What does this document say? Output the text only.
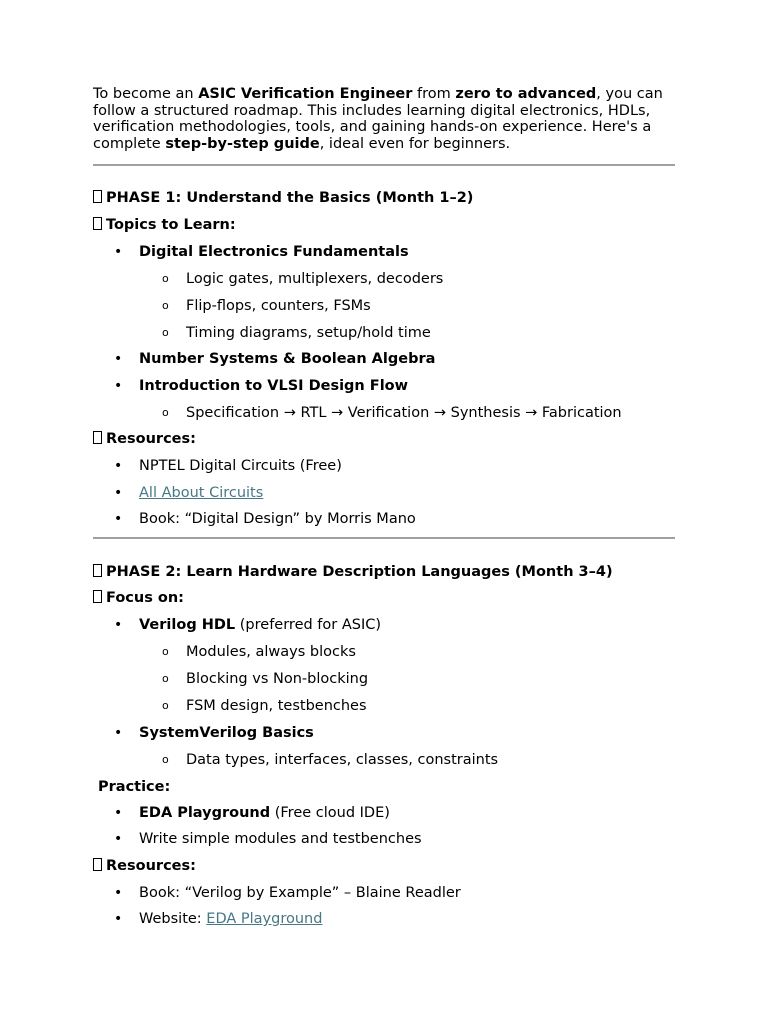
To become an ASIC Verification Engineer from zero to advanced, you can follow a structured roadmap. This includes learning digital electronics, HDLs, verification methodologies, tools, and gaining hands-on experience. Here's a complete step-by-step guide, ideal even for beginners.

PHASE 1: Understand the Basics (Month 1–2)
Topics to Learn:
• Digital Electronics Fundamentals
o Logic gates, multiplexers, decoders
o Flip-flops, counters, FSMs
o Timing diagrams, setup/hold time
• Number Systems & Boolean Algebra
• Introduction to VLSI Design Flow
o Specification → RTL → Verification → Synthesis → Fabrication
Resources:
• NPTEL Digital Circuits (Free)
• All About Circuits
• Book: “Digital Design” by Morris Mano
PHASE 2: Learn Hardware Description Languages (Month 3–4)
Focus on:
• Verilog HDL (preferred for ASIC)
o Modules, always blocks
o Blocking vs Non-blocking
o FSM design, testbenches
• SystemVerilog Basics
o Data types, interfaces, classes, constraints
Practice:
• EDA Playground (Free cloud IDE)
• Write simple modules and testbenches
Resources:
• Book: “Verilog by Example” – Blaine Readler
• Website: EDA Playground
